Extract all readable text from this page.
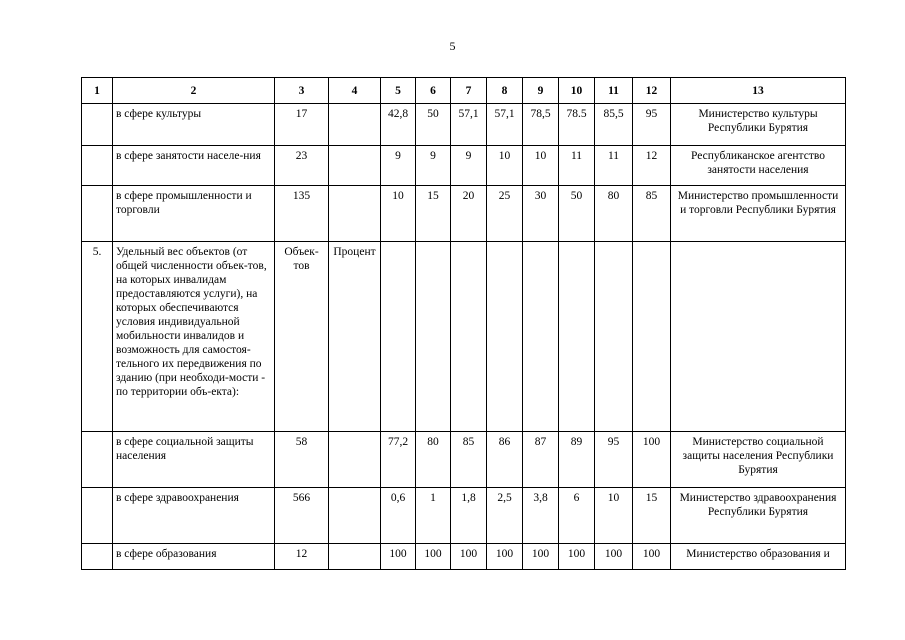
5
1	2	3	4	5	6	7	8	9	10	11	12	13
	в сфере культуры	17		42,8	50	57,1	57,1	78,5	78.5	85,5	95	Министерство культуры Республики Бурятия
	в сфере занятости населе-ния	23		9	9	9	10	10	11	11	12	Республиканское агентство занятости населения
	в сфере промышленности и торговли	135		10	15	20	25	30	50	80	85	Министерство промышленности и торговли Республики Бурятия
5.	Удельный вес объектов (от общей численности объек-тов, на которых инвалидам предоставляются услуги), на которых обеспечиваются условия индивидуальной мобильности инвалидов и возможность для самостоя-тельного их передвижения по зданию (при необходи-мости - по территории объ-екта):	Объек-тов	Процент									
	в сфере социальной защиты населения	58		77,2	80	85	86	87	89	95	100	Министерство социальной защиты населения Республики Бурятия
	в сфере здравоохранения	566		0,6	1	1,8	2,5	3,8	6	10	15	Министерство здравоохранения Республики Бурятия
	в сфере образования	12		100	100	100	100	100	100	100	100	Министерство образования и
